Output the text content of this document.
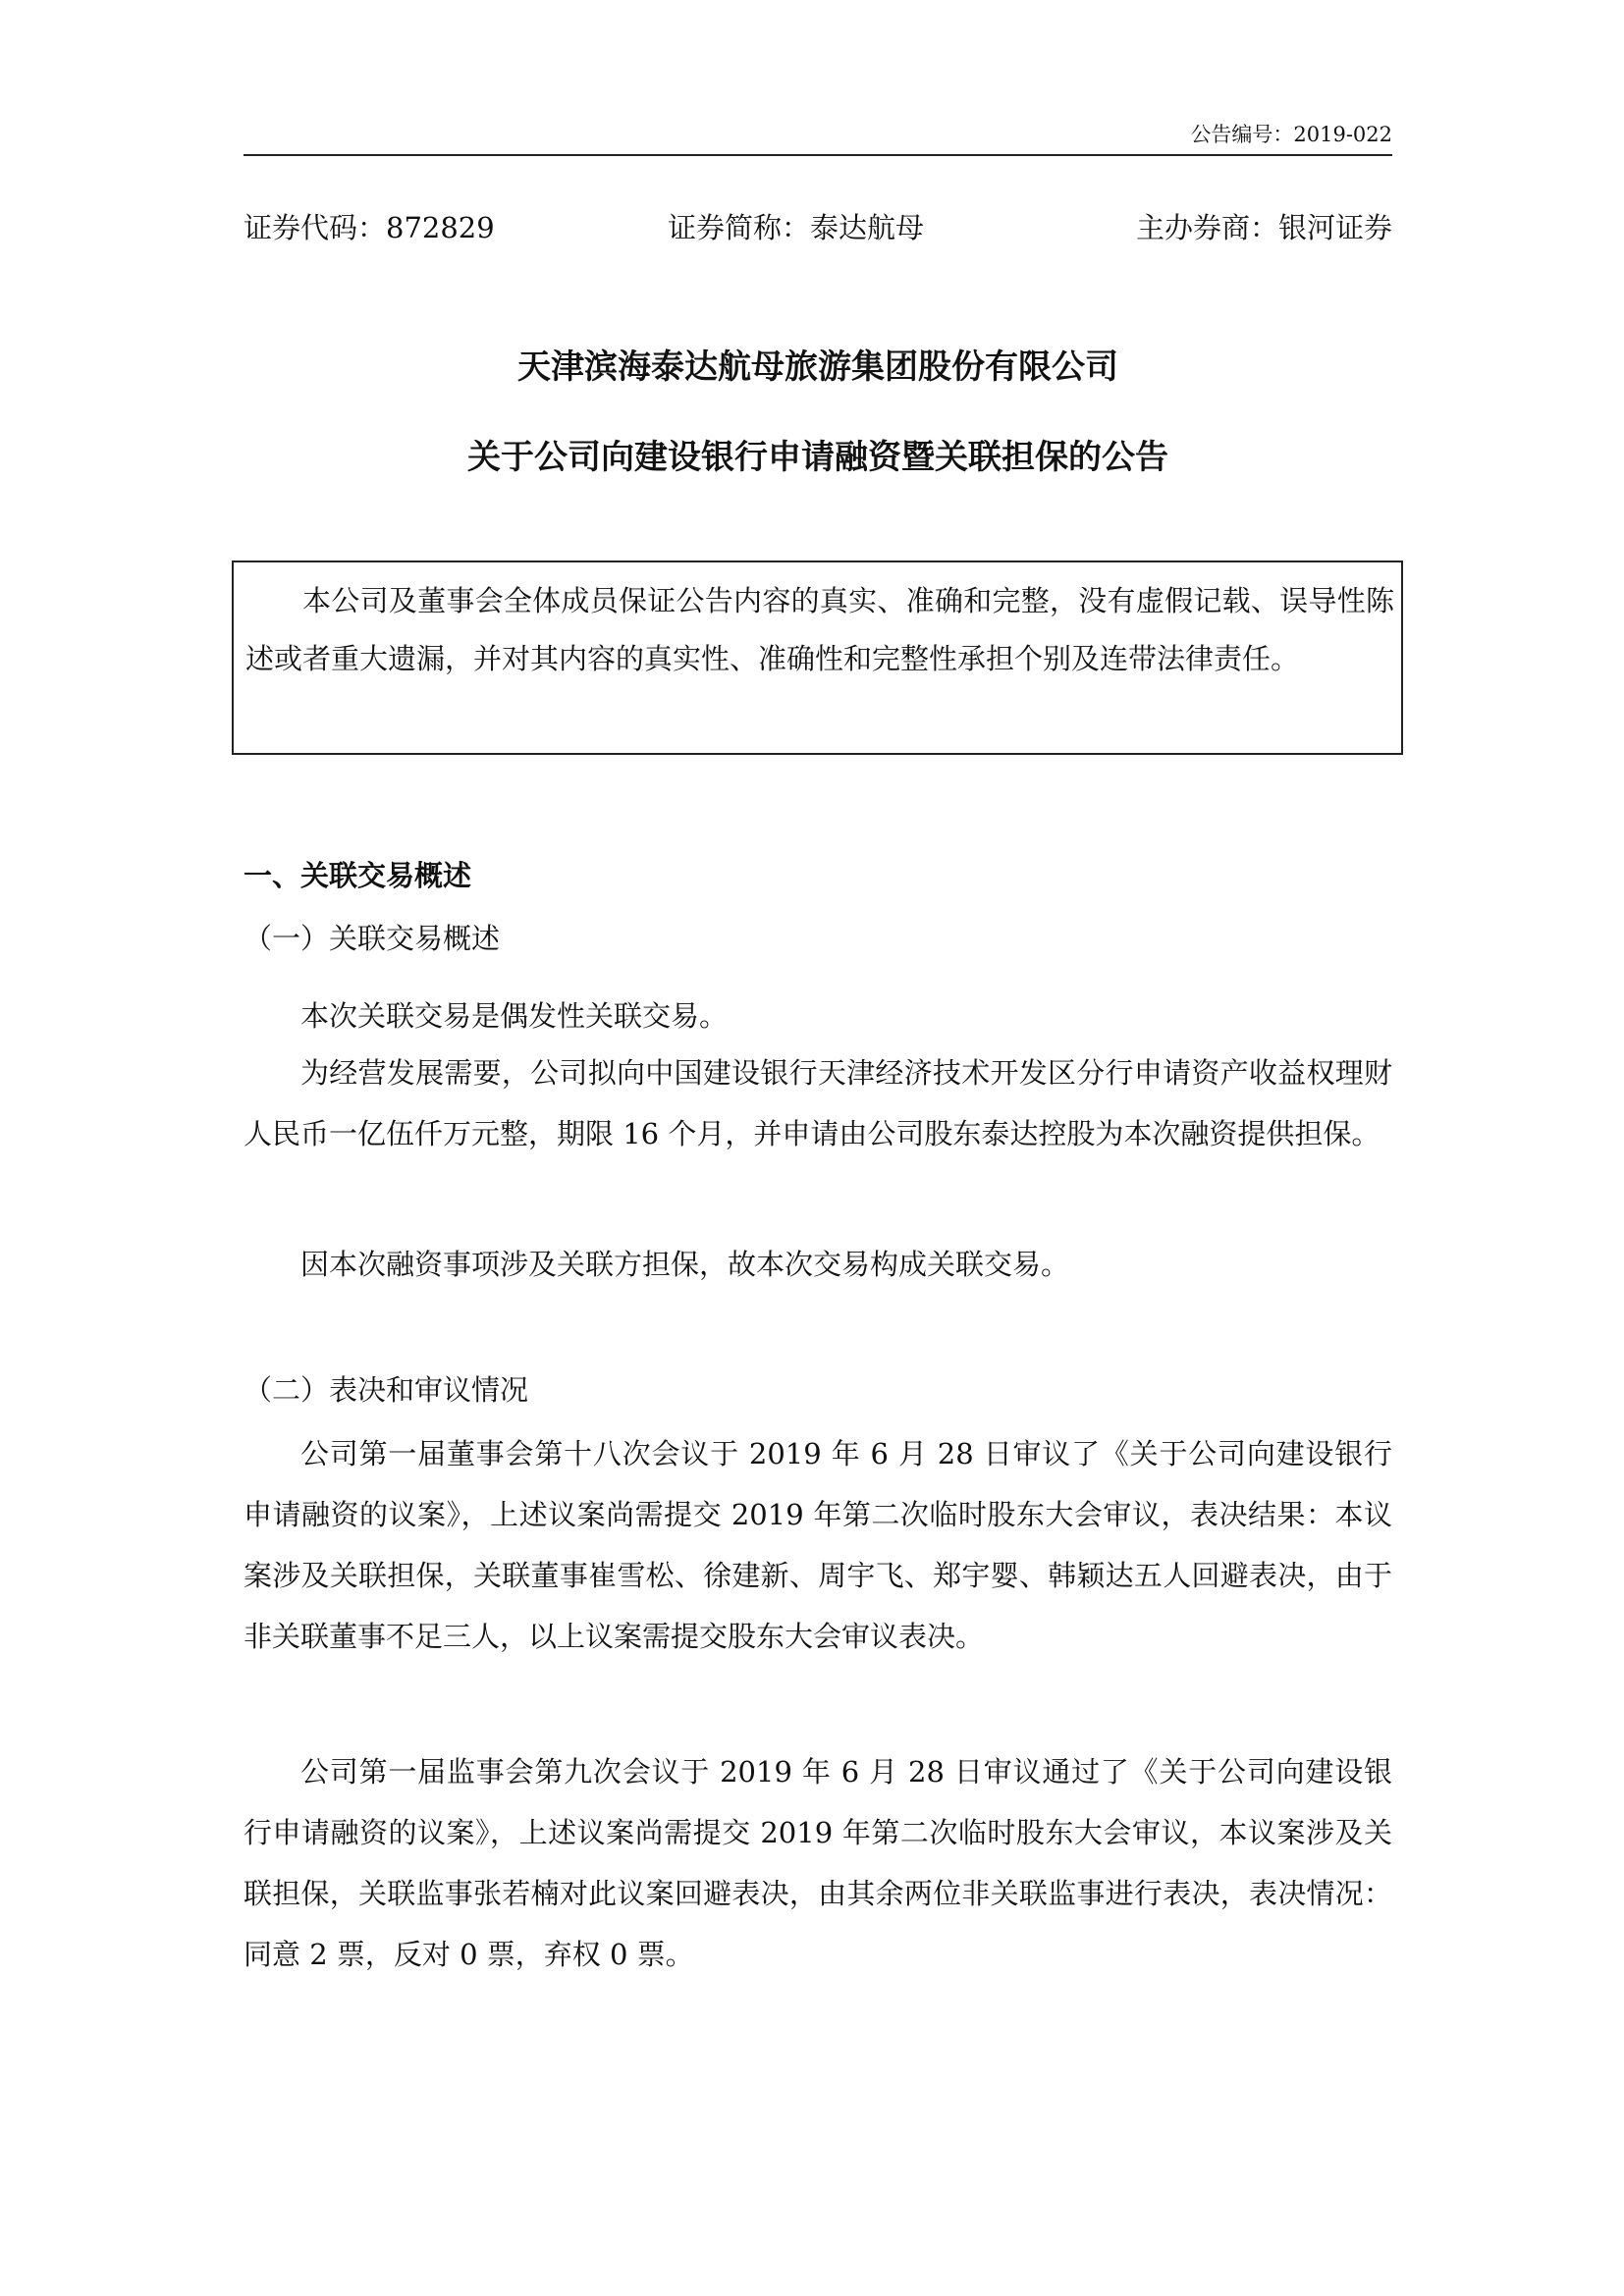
公告编号：2019-022
证券代码：872829	证券简称：泰达航母	主办券商：银河证券
天津滨海泰达航母旅游集团股份有限公司
关于公司向建设银行申请融资暨关联担保的公告
本公司及董事会全体成员保证公告内容的真实、准确和完整，没有虚假记载、误导性陈述或者重大遗漏，并对其内容的真实性、准确性和完整性承担个别及连带法律责任。
一、关联交易概述
（一）关联交易概述

本次关联交易是偶发性关联交易。

为经营发展需要，公司拟向中国建设银行天津经济技术开发区分行申请资产收益权理财人民币一亿伍仟万元整，期限 16 个月，并申请由公司股东泰达控股为本次融资提供担保。

因本次融资事项涉及关联方担保，故本次交易构成关联交易。

（二）表决和审议情况

公司第一届董事会第十八次会议于 2019 年 6 月 28 日审议了《关于公司向建设银行申请融资的议案》，上述议案尚需提交 2019 年第二次临时股东大会审议，表决结果：本议案涉及关联担保，关联董事崔雪松、徐建新、周宇飞、郑宇婴、韩颖达五人回避表决，由于非关联董事不足三人，以上议案需提交股东大会审议表决。

公司第一届监事会第九次会议于 2019 年 6 月 28 日审议通过了《关于公司向建设银行申请融资的议案》，上述议案尚需提交 2019 年第二次临时股东大会审议，本议案涉及关联担保，关联监事张若楠对此议案回避表决，由其余两位非关联监事进行表决，表决情况：同意 2 票，反对 0 票，弃权 0 票。
